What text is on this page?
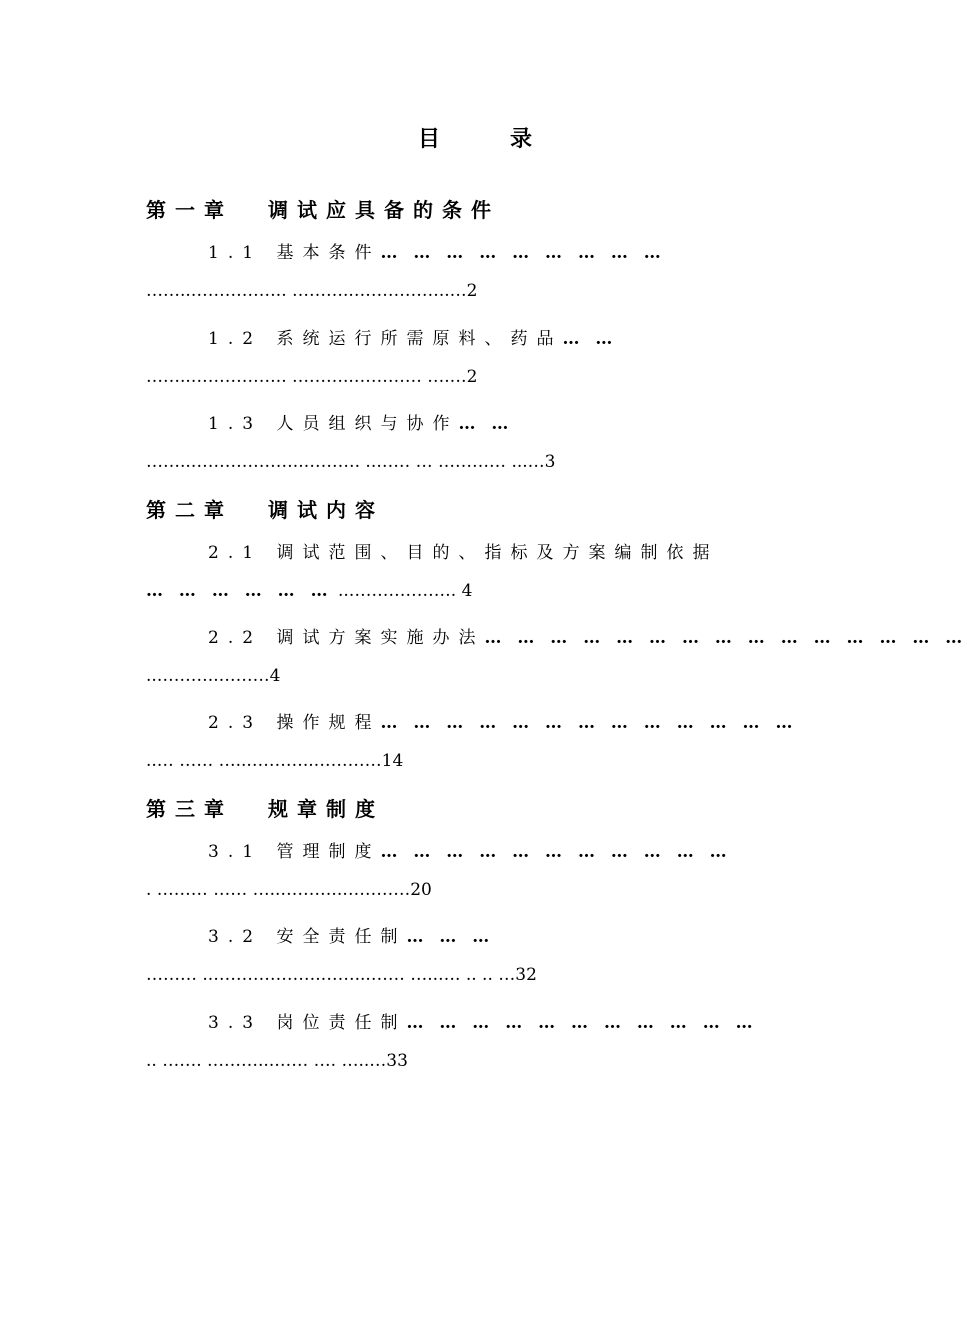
目	录
第一章 调试应具备的条件
1.1 基本条件… … … … … … … … …
……..…………….. ………..……………..…2
1.2 系统运行所需原料、药品… …
……..…………….. ………..………… ….…2
1.3 人员组织与协作… …
……..………………..………. ..…… … ………… ...…3
第二章 调试内容
2.1 调试范围、目的、指标及方案编制依据
… … … … … … ..………………. 4
2.2 调试方案实施办法… … … … … … … … … … … … … … …
..………..………4
2.3 操作规程… … … … … … … … … … … … …
..… …… …...………..…………14
第三章 规章制度
3.1 管理制度… … … … … … … … … … …
. ……… …… …..………..…………20
3.2 安全责任制… … …
……… ..……………….……...…… …..…. .. .. …32
3.3 岗位责任制… … … … … … … … … … …
.. ……. ………...…… …. …..…33
